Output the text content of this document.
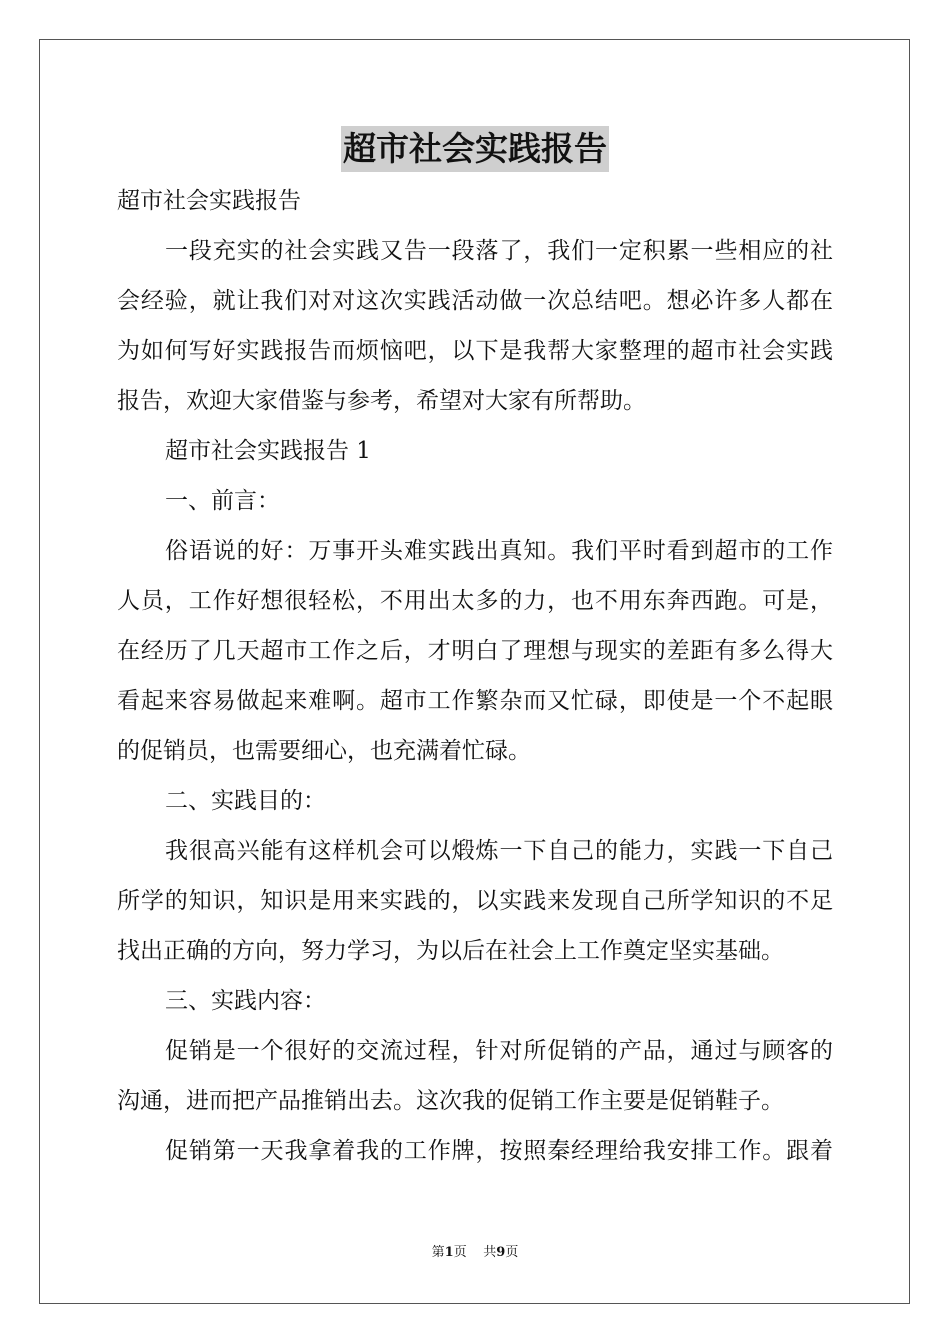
超市社会实践报告
超市社会实践报告
一段充实的社会实践又告一段落了，我们一定积累一些相应的社
会经验，就让我们对对这次实践活动做一次总结吧。想必许多人都在
为如何写好实践报告而烦恼吧，以下是我帮大家整理的超市社会实践
报告，欢迎大家借鉴与参考，希望对大家有所帮助。
超市社会实践报告 1
一、前言：
俗语说的好：万事开头难实践出真知。我们平时看到超市的工作
人员，工作好想很轻松，不用出太多的力，也不用东奔西跑。可是，
在经历了几天超市工作之后，才明白了理想与现实的差距有多么得大
看起来容易做起来难啊。超市工作繁杂而又忙碌，即使是一个不起眼
的促销员，也需要细心，也充满着忙碌。
二、实践目的：
我很高兴能有这样机会可以煅炼一下自己的能力，实践一下自己
所学的知识，知识是用来实践的，以实践来发现自己所学知识的不足
找出正确的方向，努力学习，为以后在社会上工作奠定坚实基础。
三、实践内容：
促销是一个很好的交流过程，针对所促销的产品，通过与顾客的
沟通，进而把产品推销出去。这次我的促销工作主要是促销鞋子。
促销第一天我拿着我的工作牌，按照秦经理给我安排工作。跟着
第1页 共9页
